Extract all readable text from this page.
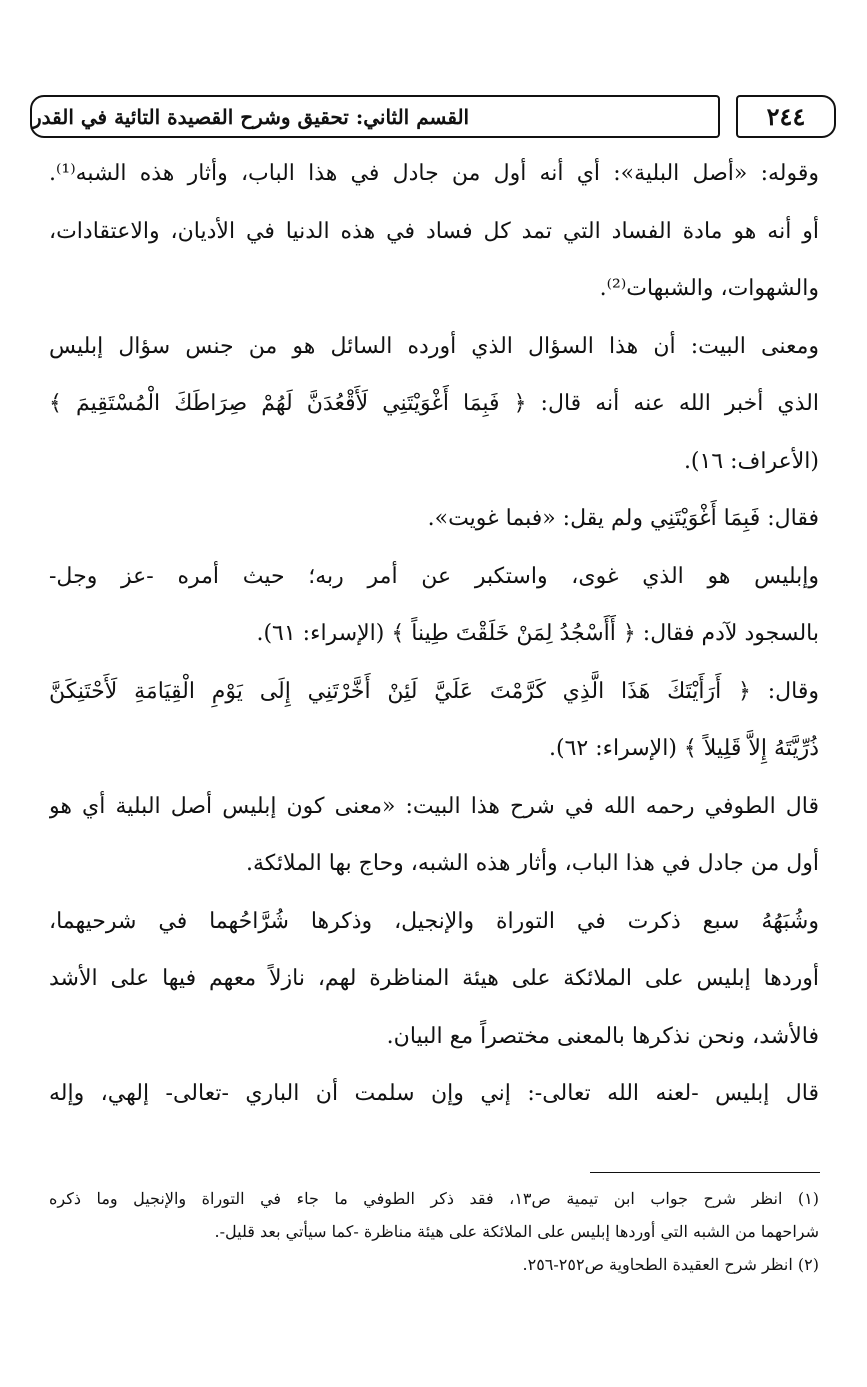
القسم الثاني: تحقيق وشرح القصيدة التائية في القدر	٢٤٤
وقوله: «أصل البلية»: أي أنه أول من جادل في هذا الباب، وأثار هذه الشبه⁽¹⁾.
أو أنه هو مادة الفساد التي تمد كل فساد في هذه الدنيا في الأديان، والاعتقادات،
والشهوات، والشبهات⁽²⁾.
ومعنى البيت: أن هذا السؤال الذي أورده السائل هو من جنس سؤال إبليس
الذي أخبر الله عنه أنه قال: ﴿ فَبِمَا أَغْوَيْتَنِي لَأَقْعُدَنَّ لَهُمْ صِرَاطَكَ الْمُسْتَقِيمَ ﴾
(الأعراف: ١٦).
فقال: فَبِمَا أَغْوَيْتَنِي ولم يقل: «فبما غويت».
وإبليس هو الذي غوى، واستكبر عن أمر ربه؛ حيث أمره -عز وجل-
بالسجود لآدم فقال: ﴿ أَأَسْجُدُ لِمَنْ خَلَقْتَ طِيناً ﴾ (الإسراء: ٦١).
وقال: ﴿ أَرَأَيْتَكَ هَذَا الَّذِي كَرَّمْتَ عَلَيَّ لَئِنْ أَخَّرْتَنِي إِلَى يَوْمِ الْقِيَامَةِ لَأَحْتَنِكَنَّ
ذُرِّيَّتَهُ إِلاَّ قَلِيلاً ﴾ (الإسراء: ٦٢).
قال الطوفي رحمه الله في شرح هذا البيت: «معنى كون إبليس أصل البلية أي هو
أول من جادل في هذا الباب، وأثار هذه الشبه، وحاج بها الملائكة.
وشُبَهُهُ سبع ذكرت في التوراة والإنجيل، وذكرها شُرَّاحُهما في شرحيهما،
أوردها إبليس على الملائكة على هيئة المناظرة لهم، نازلاً معهم فيها على الأشد
فالأشد، ونحن نذكرها بالمعنى مختصراً مع البيان.
قال إبليس -لعنه الله تعالى-: إني وإن سلمت أن الباري -تعالى- إلهي، وإله
(١) انظر شرح جواب ابن تيمية ص١٣، فقد ذكر الطوفي ما جاء في التوراة والإنجيل وما ذكره
شراحهما من الشبه التي أوردها إبليس على الملائكة على هيئة مناظرة -كما سيأتي بعد قليل-.
(٢) انظر شرح العقيدة الطحاوية ص٢٥٢-٢٥٦.
